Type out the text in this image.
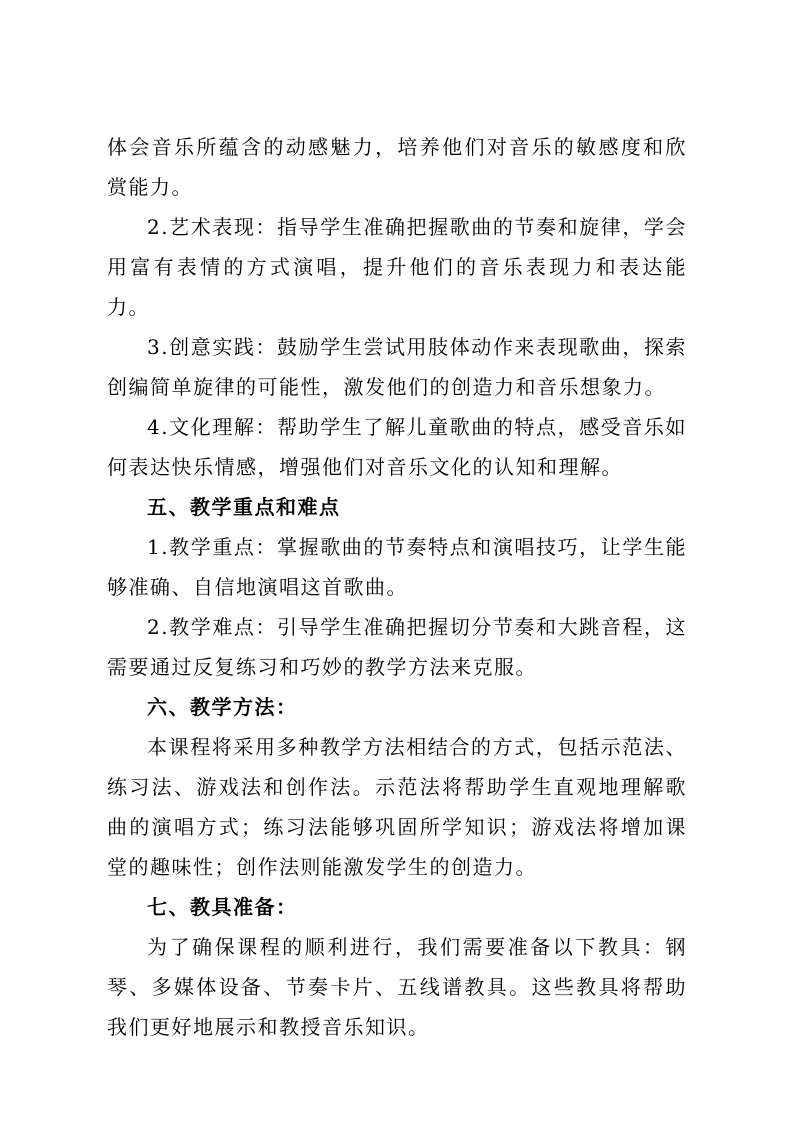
体会音乐所蕴含的动感魅力，培养他们对音乐的敏感度和欣赏能力。

2.艺术表现：指导学生准确把握歌曲的节奏和旋律，学会用富有表情的方式演唱，提升他们的音乐表现力和表达能力。

3.创意实践：鼓励学生尝试用肢体动作来表现歌曲，探索创编简单旋律的可能性，激发他们的创造力和音乐想象力。

4.文化理解：帮助学生了解儿童歌曲的特点，感受音乐如何表达快乐情感，增强他们对音乐文化的认知和理解。

五、教学重点和难点

1.教学重点：掌握歌曲的节奏特点和演唱技巧，让学生能够准确、自信地演唱这首歌曲。

2.教学难点：引导学生准确把握切分节奏和大跳音程，这需要通过反复练习和巧妙的教学方法来克服。

六、教学方法：

本课程将采用多种教学方法相结合的方式，包括示范法、练习法、游戏法和创作法。示范法将帮助学生直观地理解歌曲的演唱方式；练习法能够巩固所学知识；游戏法将增加课堂的趣味性；创作法则能激发学生的创造力。

七、教具准备：

为了确保课程的顺利进行，我们需要准备以下教具：钢琴、多媒体设备、节奏卡片、五线谱教具。这些教具将帮助我们更好地展示和教授音乐知识。
